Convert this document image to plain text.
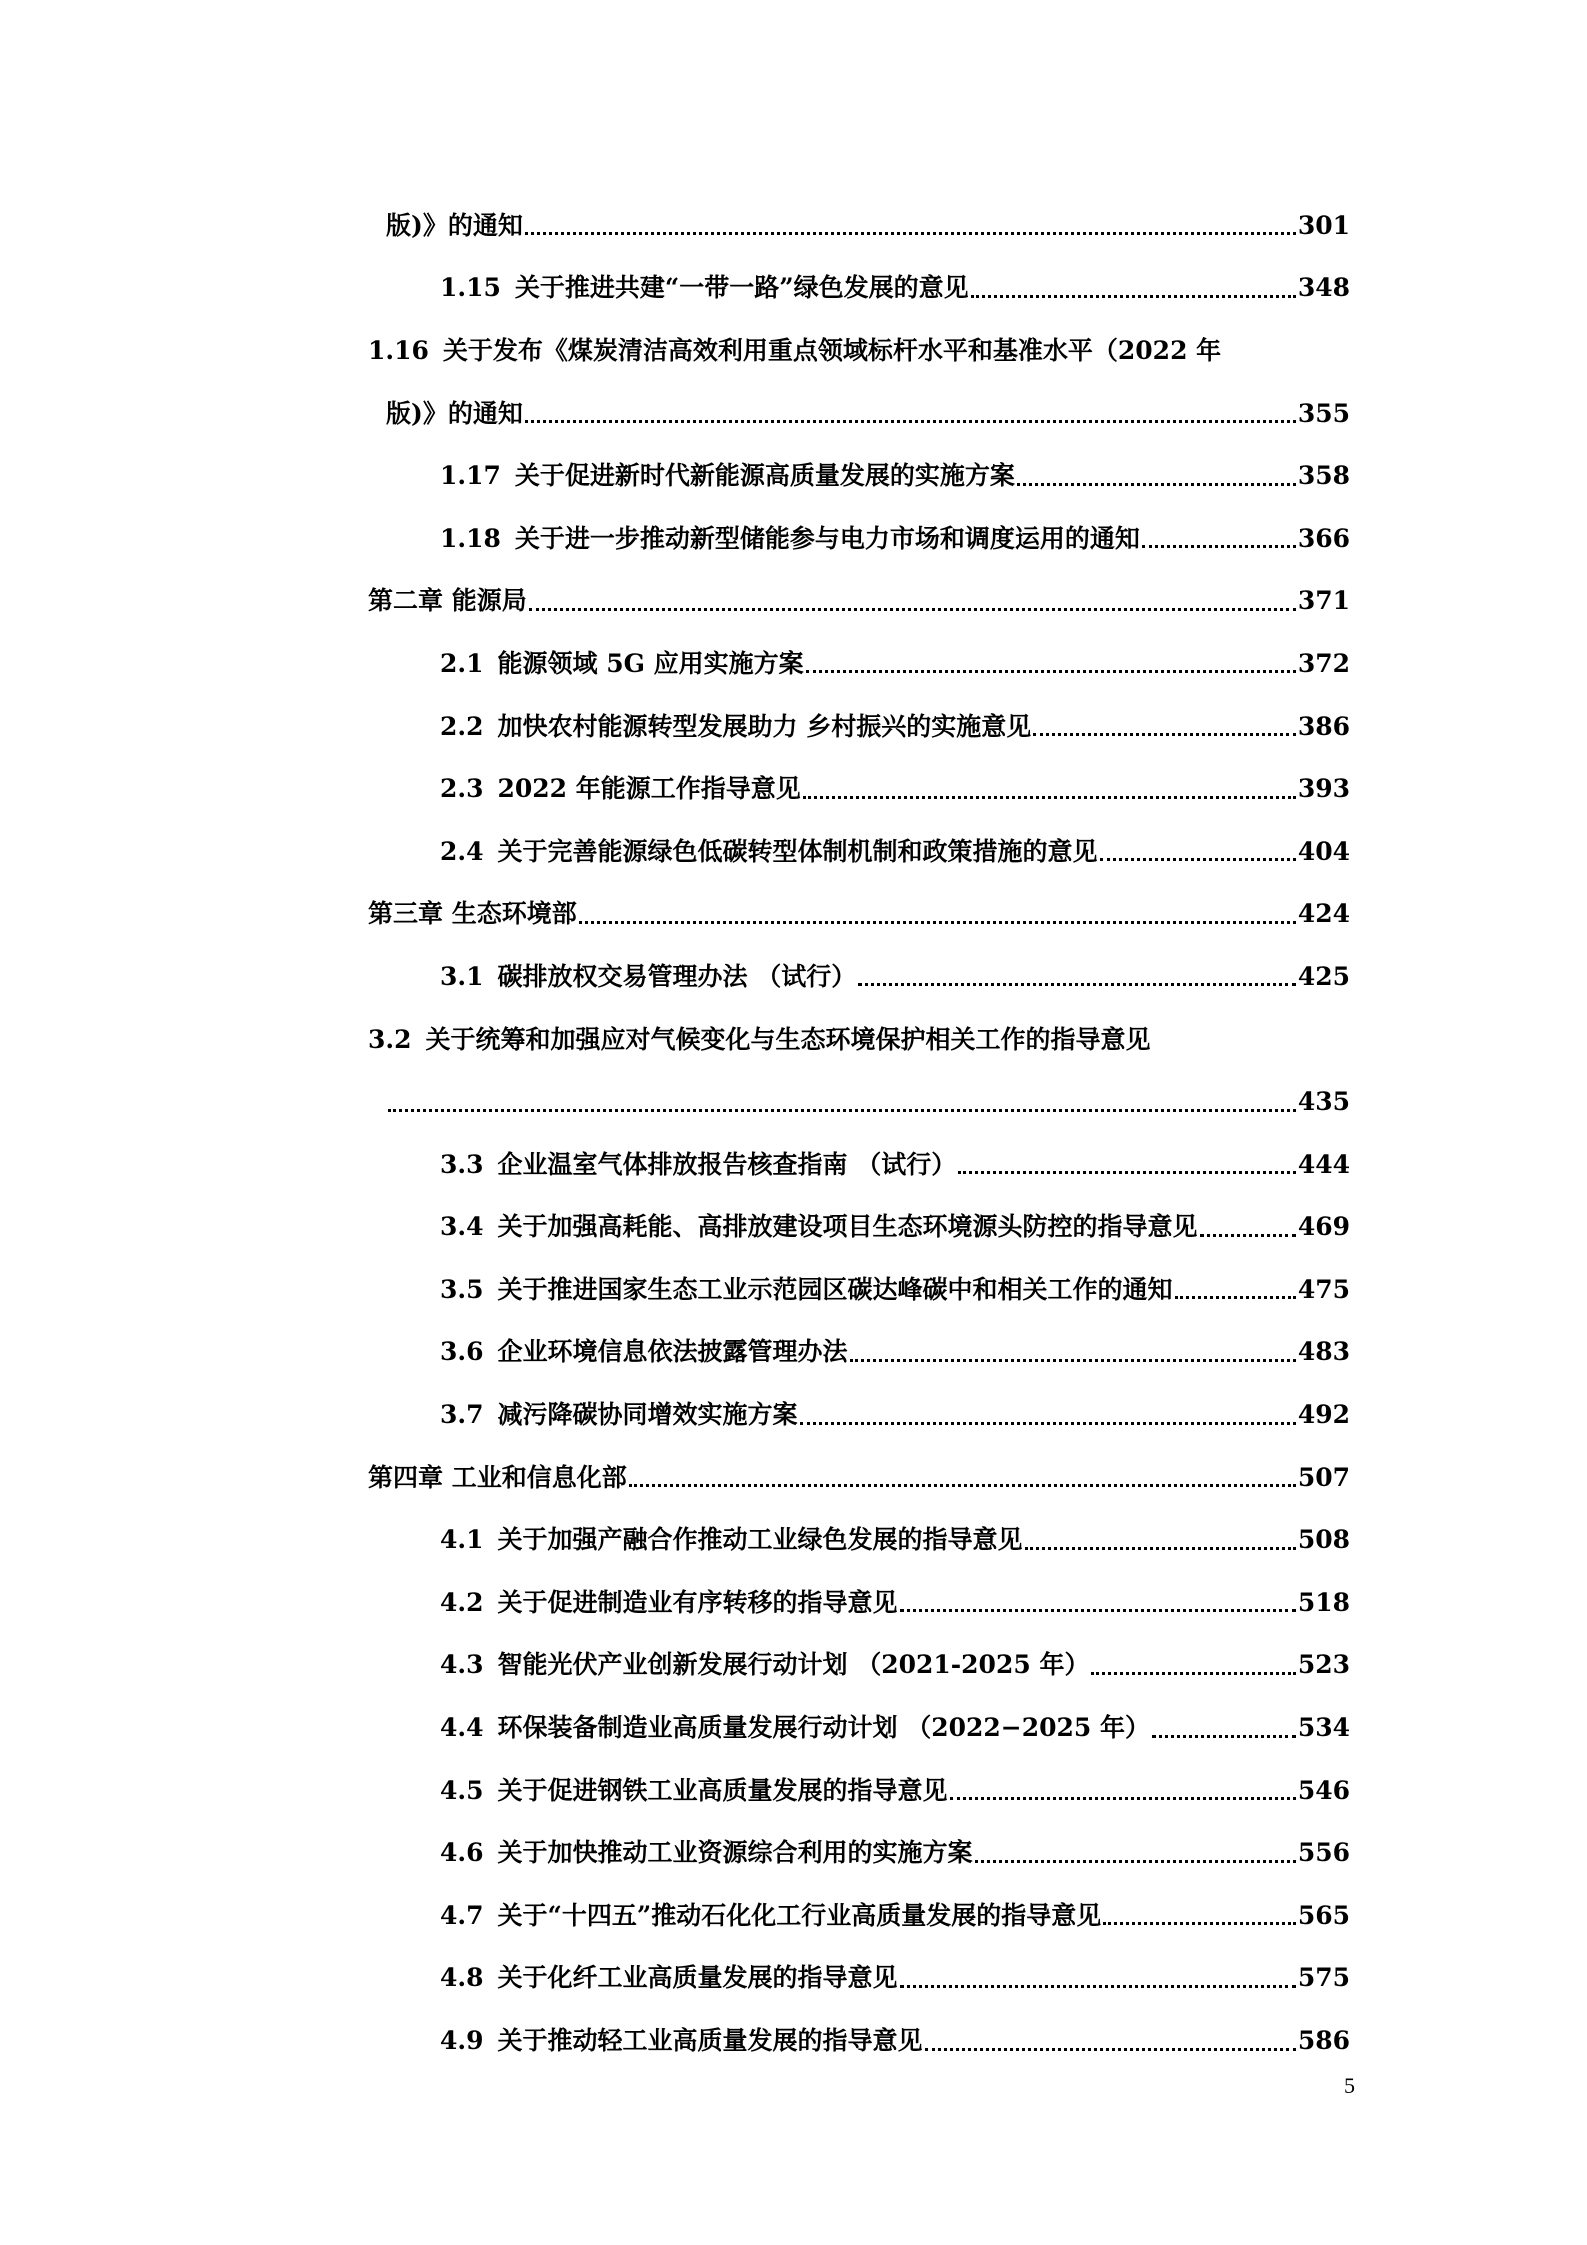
版)》的通知	301
1.15 关于推进共建“一带一路”绿色发展的意见	348
1.16 关于发布《煤炭清洁高效利用重点领域标杆水平和基准水平（2022 年
版)》的通知	355
1.17 关于促进新时代新能源高质量发展的实施方案	358
1.18 关于进一步推动新型储能参与电力市场和调度运用的通知	366
第二章 能源局	371
2.1 能源领域 5G 应用实施方案	372
2.2 加快农村能源转型发展助力 乡村振兴的实施意见	386
2.3 2022 年能源工作指导意见	393
2.4 关于完善能源绿色低碳转型体制机制和政策措施的意见	404
第三章 生态环境部	424
3.1 碳排放权交易管理办法 （试行）	425
3.2 关于统筹和加强应对气候变化与生态环境保护相关工作的指导意见
435
3.3 企业温室气体排放报告核查指南 （试行）	444
3.4 关于加强高耗能、高排放建设项目生态环境源头防控的指导意见	469
3.5 关于推进国家生态工业示范园区碳达峰碳中和相关工作的通知	475
3.6 企业环境信息依法披露管理办法	483
3.7 减污降碳协同增效实施方案	492
第四章 工业和信息化部	507
4.1 关于加强产融合作推动工业绿色发展的指导意见	508
4.2 关于促进制造业有序转移的指导意见	518
4.3 智能光伏产业创新发展行动计划 （2021-2025 年）	523
4.4 环保装备制造业高质量发展行动计划 （2022−2025 年）	534
4.5 关于促进钢铁工业高质量发展的指导意见	546
4.6 关于加快推动工业资源综合利用的实施方案	556
4.7 关于“十四五”推动石化化工行业高质量发展的指导意见	565
4.8 关于化纤工业高质量发展的指导意见	575
4.9 关于推动轻工业高质量发展的指导意见	586
5
